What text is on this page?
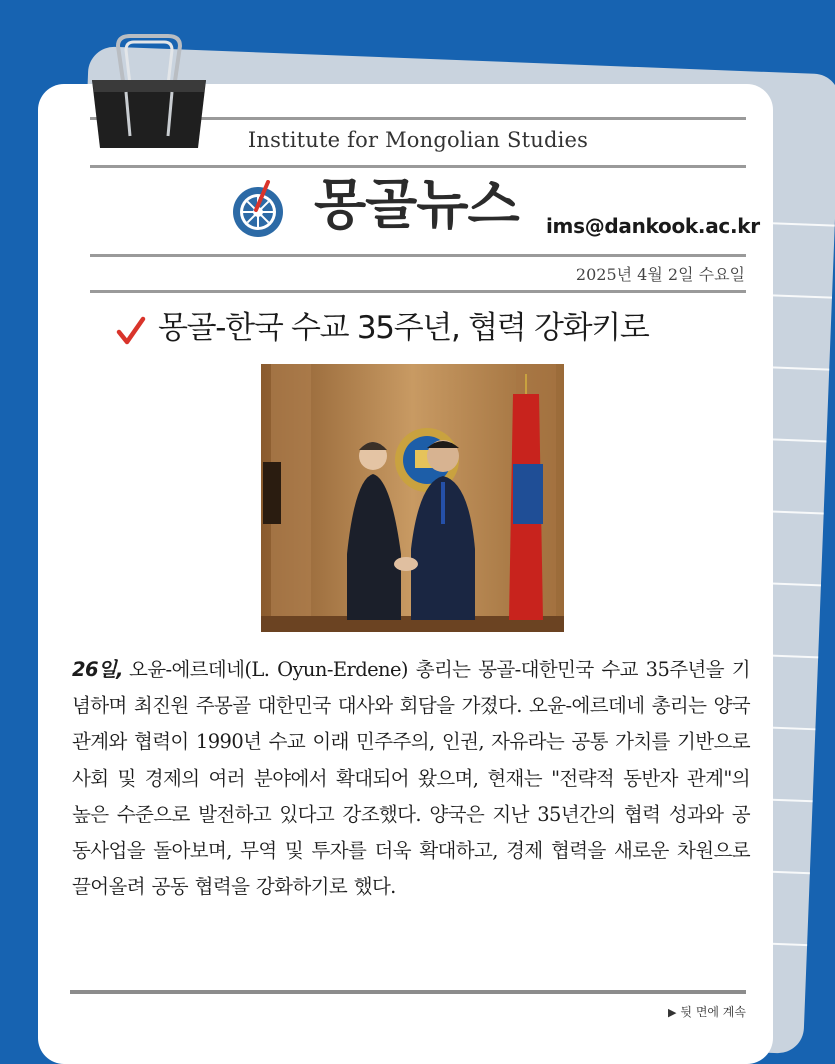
Institute for Mongolian Studies
몽골뉴스 ims@dankook.ac.kr
2025년 4월 2일 수요일
몽골-한국 수교 35주년, 협력 강화키로
26일, 오윤-에르데네(L. Oyun-Erdene) 총리는 몽골-대한민국 수교 35주년을 기념하며 최진원 주몽골 대한민국 대사와 회담을 가졌다. 오윤-에르데네 총리는 양국 관계와 협력이 1990년 수교 이래 민주주의, 인권, 자유라는 공통 가치를 기반으로 사회 및 경제의 여러 분야에서 확대되어 왔으며, 현재는 "전략적 동반자 관계"의 높은 수준으로 발전하고 있다고 강조했다. 양국은 지난 35년간의 협력 성과와 공동사업을 돌아보며, 무역 및 투자를 더욱 확대하고, 경제 협력을 새로운 차원으로 끌어올려 공동 협력을 강화하기로 했다.
▶ 뒷 면에 계속
